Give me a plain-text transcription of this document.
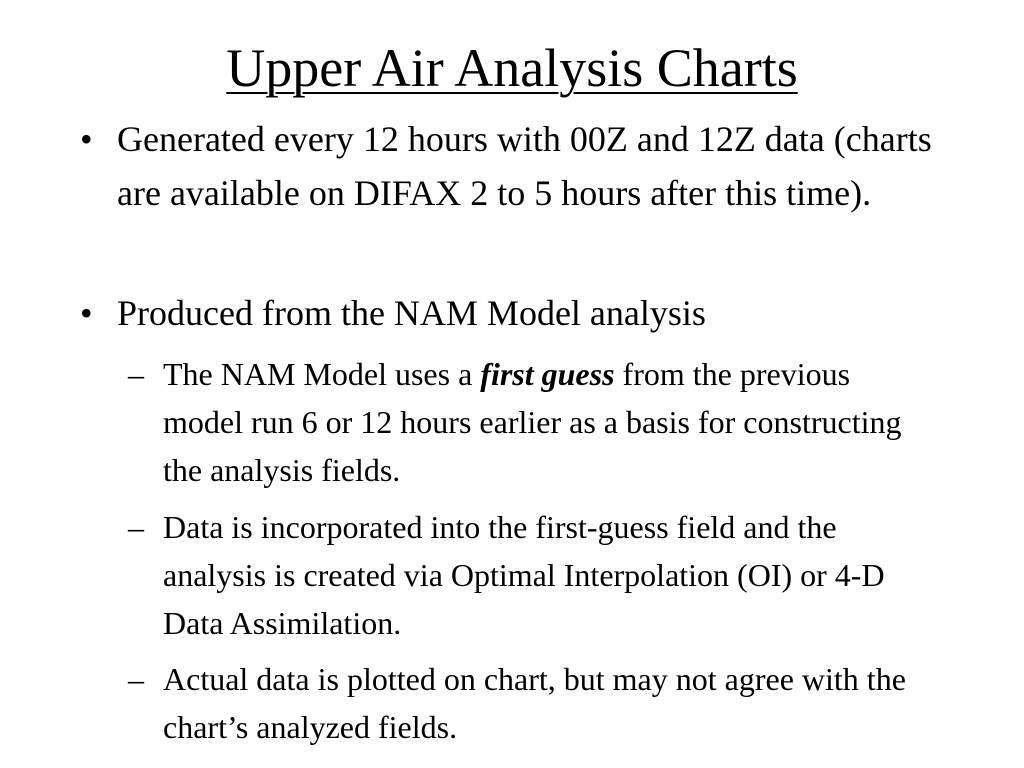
Upper Air Analysis Charts
• Generated every 12 hours with 00Z and 12Z data (charts are available on DIFAX 2 to 5 hours after this time).
• Produced from the NAM Model analysis
– The NAM Model uses a first guess from the previous model run 6 or 12 hours earlier as a basis for constructing the analysis fields.
– Data is incorporated into the first-guess field and the analysis is created via Optimal Interpolation (OI) or 4-D Data Assimilation.
– Actual data is plotted on chart, but may not agree with the chart’s analyzed fields.
